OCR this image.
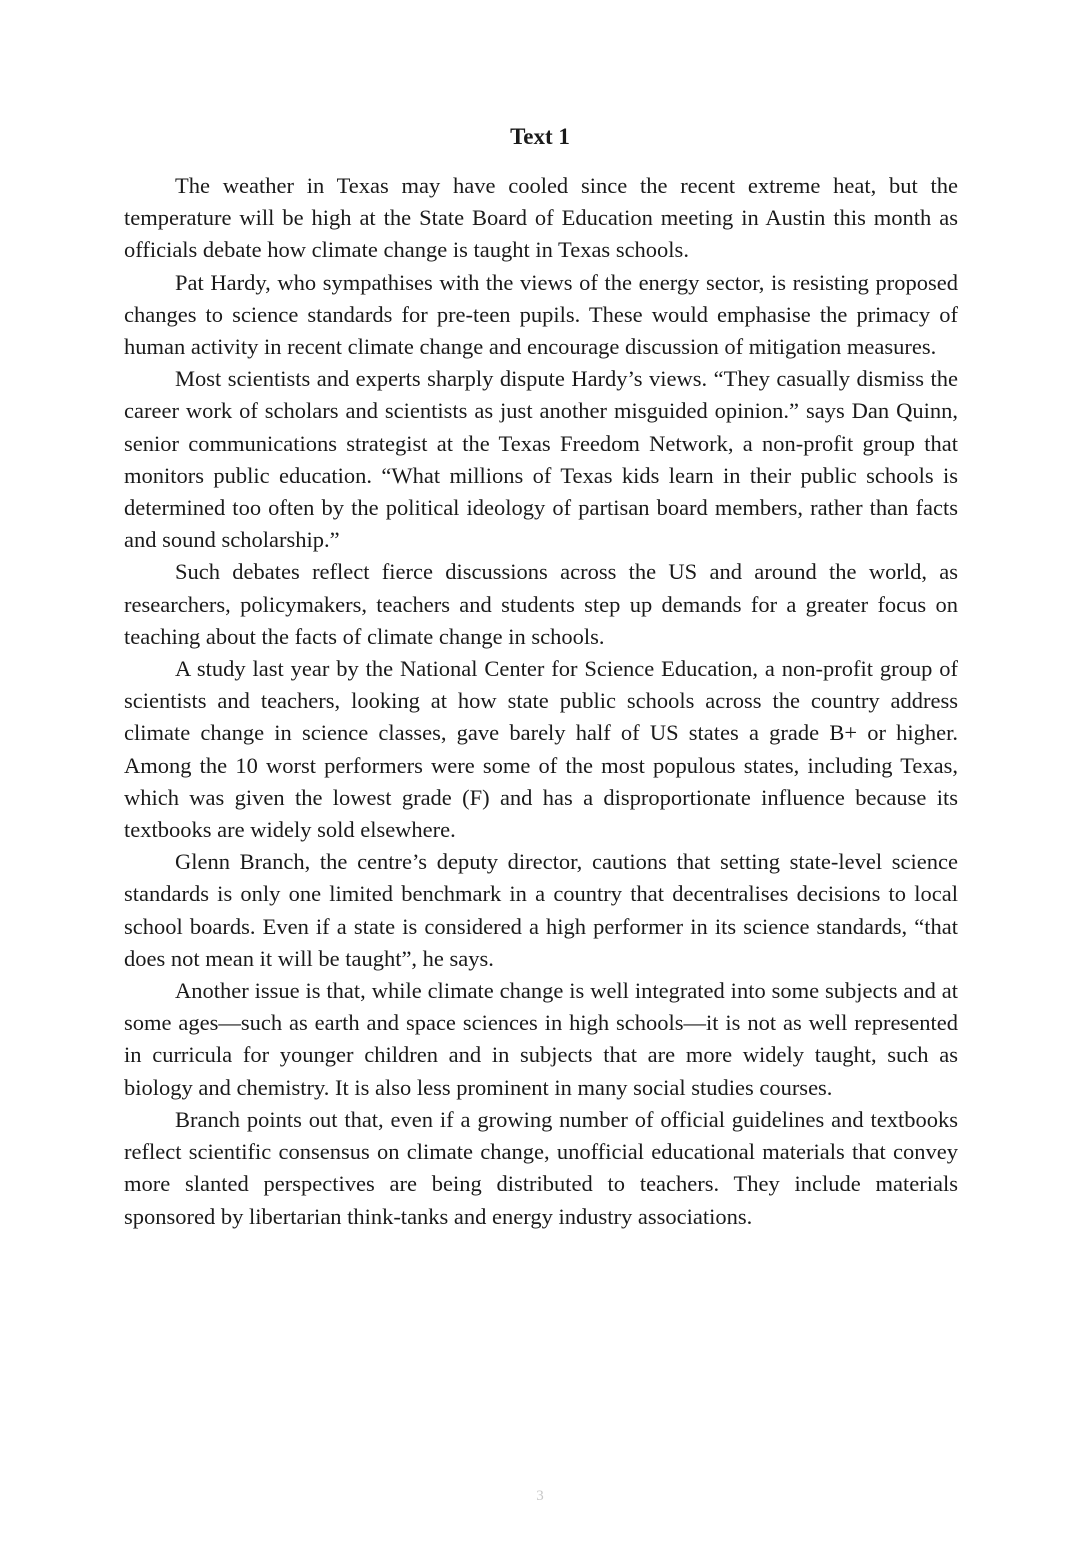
Text 1

The weather in Texas may have cooled since the recent extreme heat, but the temperature will be high at the State Board of Education meeting in Austin this month as officials debate how climate change is taught in Texas schools.

Pat Hardy, who sympathises with the views of the energy sector, is resisting proposed changes to science standards for pre-teen pupils. These would emphasise the primacy of human activity in recent climate change and encourage discussion of mitigation measures.

Most scientists and experts sharply dispute Hardy’s views. “They casually dismiss the career work of scholars and scientists as just another misguided opinion.” says Dan Quinn, senior communications strategist at the Texas Freedom Network, a non-profit group that monitors public education. “What millions of Texas kids learn in their public schools is determined too often by the political ideology of partisan board members, rather than facts and sound scholarship.”

Such debates reflect fierce discussions across the US and around the world, as researchers, policymakers, teachers and students step up demands for a greater focus on teaching about the facts of climate change in schools.

A study last year by the National Center for Science Education, a non-profit group of scientists and teachers, looking at how state public schools across the country address climate change in science classes, gave barely half of US states a grade B+ or higher. Among the 10 worst performers were some of the most populous states, including Texas, which was given the lowest grade (F) and has a disproportionate influence because its textbooks are widely sold elsewhere.

Glenn Branch, the centre’s deputy director, cautions that setting state-level science standards is only one limited benchmark in a country that decentralises decisions to local school boards. Even if a state is considered a high performer in its science standards, “that does not mean it will be taught”, he says.

Another issue is that, while climate change is well integrated into some subjects and at some ages—such as earth and space sciences in high schools—it is not as well represented in curricula for younger children and in subjects that are more widely taught, such as biology and chemistry. It is also less prominent in many social studies courses.

Branch points out that, even if a growing number of official guidelines and textbooks reflect scientific consensus on climate change, unofficial educational materials that convey more slanted perspectives are being distributed to teachers. They include materials sponsored by libertarian think-tanks and energy industry associations.

3
